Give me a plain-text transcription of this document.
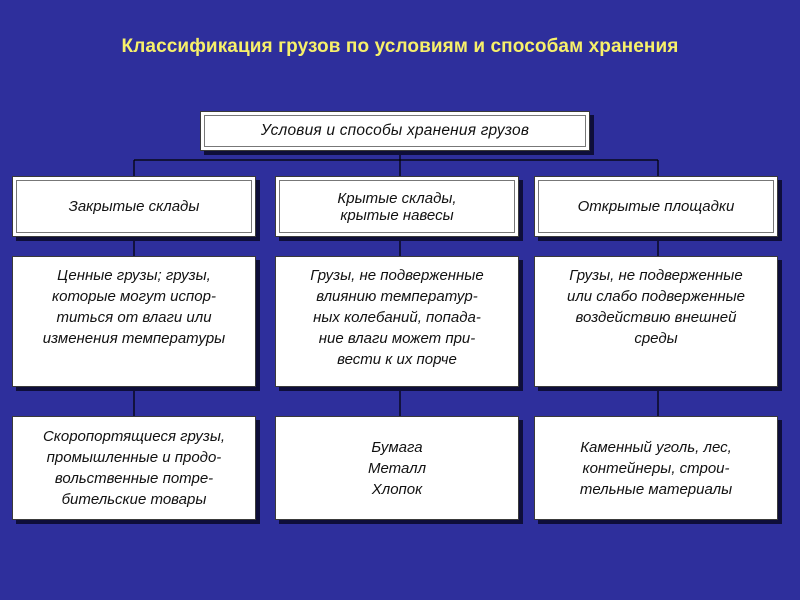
Классификация грузов по условиям и способам хранения
Условия и способы хранения грузов
Закрытые склады
Ценные грузы; грузы,
которые могут испор-
титься от влаги или
изменения температуры
Скоропортящиеся грузы,
промышленные и продо-
вольственные потре-
бительские товары
Крытые склады,
крытые навесы
Грузы, не подверженные
влиянию температур-
ных колебаний, попада-
ние влаги может при-
вести к их порче
Бумага
Металл
Хлопок
Открытые площадки
Грузы, не подверженные
или слабо подверженные
воздействию внешней
среды
Каменный уголь, лес,
контейнеры, строи-
тельные материалы
